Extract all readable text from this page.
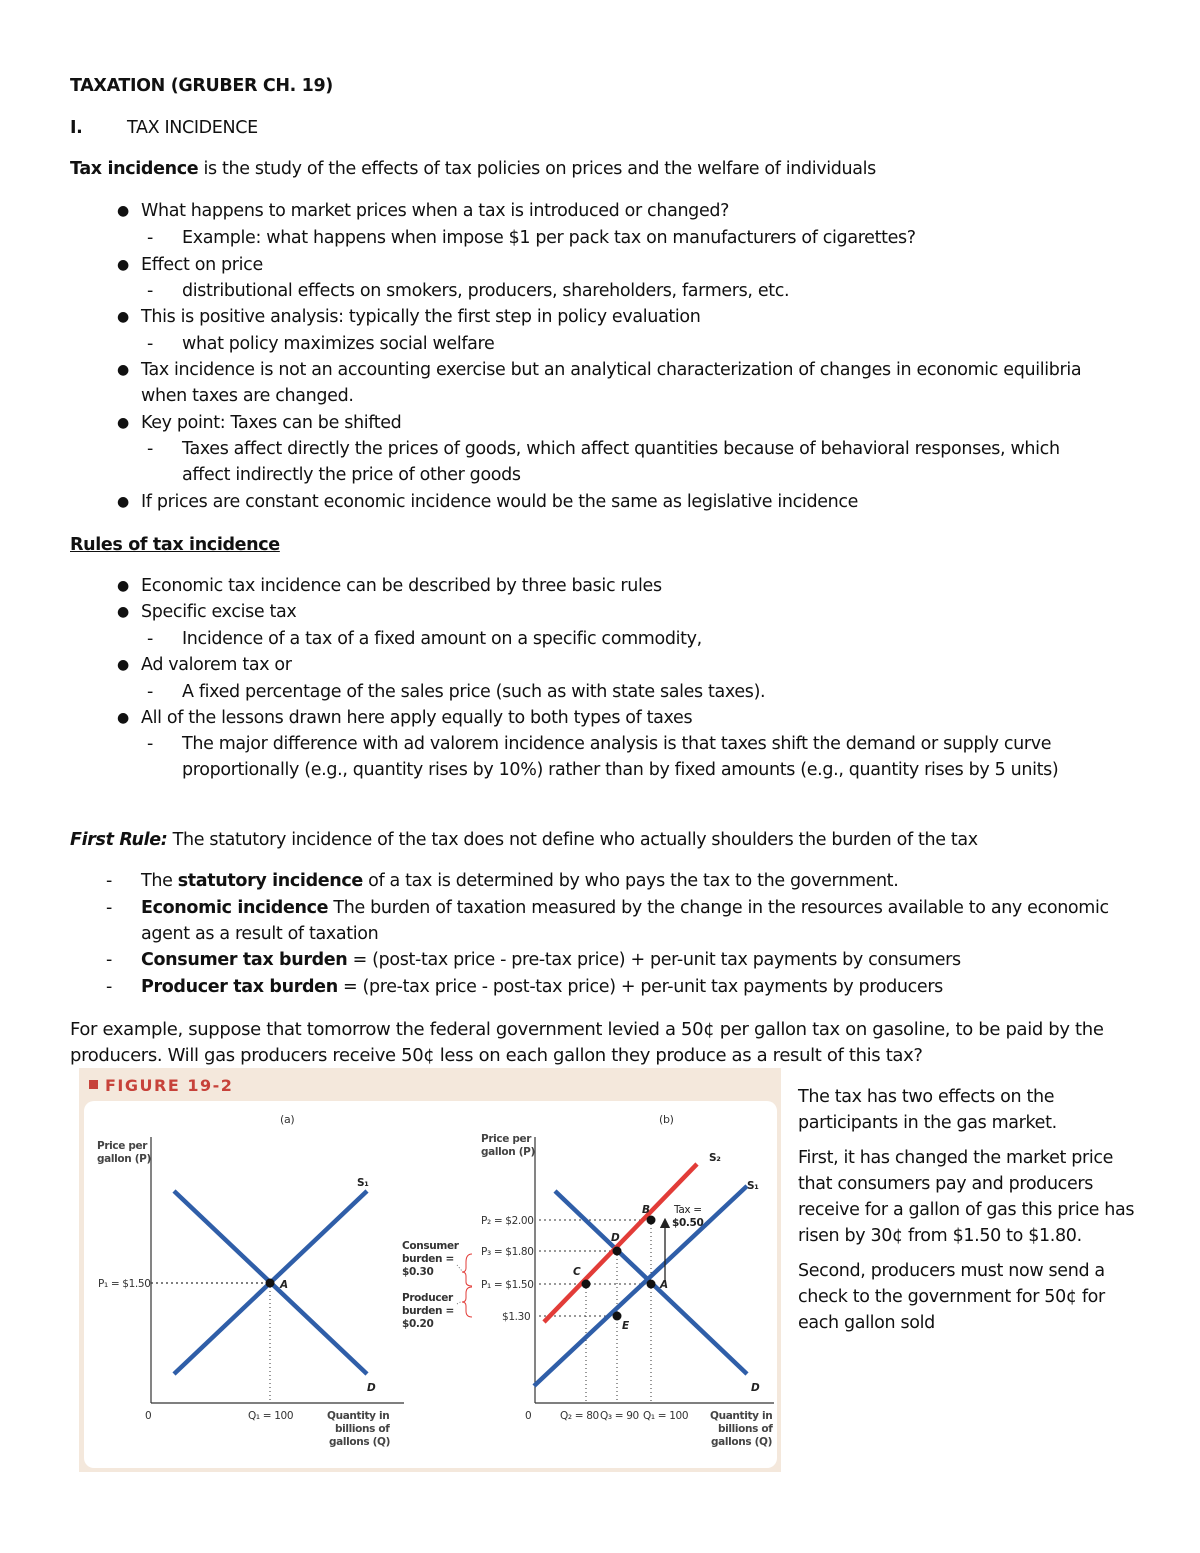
TAXATION (GRUBER CH. 19)
I.	TAX INCIDENCE
Tax incidence is the study of the effects of tax policies on prices and the welfare of individuals
● What happens to market prices when a tax is introduced or changed?
- Example: what happens when impose $1 per pack tax on manufacturers of cigarettes?
● Effect on price
- distributional effects on smokers, producers, shareholders, farmers, etc.
● This is positive analysis: typically the first step in policy evaluation
- what policy maximizes social welfare
● Tax incidence is not an accounting exercise but an analytical characterization of changes in economic equilibria
when taxes are changed.
● Key point: Taxes can be shifted
- Taxes affect directly the prices of goods, which affect quantities because of behavioral responses, which
affect indirectly the price of other goods
● If prices are constant economic incidence would be the same as legislative incidence
Rules of tax incidence
● Economic tax incidence can be described by three basic rules
● Specific excise tax
- Incidence of a tax of a fixed amount on a specific commodity,
● Ad valorem tax or
- A fixed percentage of the sales price (such as with state sales taxes).
● All of the lessons drawn here apply equally to both types of taxes
- The major difference with ad valorem incidence analysis is that taxes shift the demand or supply curve
proportionally (e.g., quantity rises by 10%) rather than by fixed amounts (e.g., quantity rises by 5 units)
First Rule: The statutory incidence of the tax does not define who actually shoulders the burden of the tax
- The statutory incidence of a tax is determined by who pays the tax to the government.
- Economic incidence The burden of taxation measured by the change in the resources available to any economic
agent as a result of taxation
- Consumer tax burden = (post-tax price - pre-tax price) + per-unit tax payments by consumers
- Producer tax burden = (pre-tax price - post-tax price) + per-unit tax payments by producers
For example, suppose that tomorrow the federal government levied a 50¢ per gallon tax on gasoline, to be paid by the
producers. Will gas producers receive 50¢ less on each gallon they produce as a result of this tax?
FIGURE 19-2
(a)
Price per
gallon (P)
A
P₁ = $1.50
S₁
D
0	Q₁ = 100	Quantity in
billions of
gallons (Q)
(b)
Price per
gallon (P)
B
D
C
A
E
Tax =
$0.50
S₂
S₁
D
P₂ = $2.00
P₃ = $1.80
P₁ = $1.50
$1.30
Consumer
burden =
$0.30
Producer
burden =
$0.20
0	Q₂ = 80 Q₃ = 90 Q₁ = 100 Quantity in
billions of
gallons (Q)

The tax has two effects on the participants in the gas market.

First, it has changed the market price that consumers pay and producers receive for a gallon of gas this price has risen by 30¢ from $1.50 to $1.80.

Second, producers must now send a check to the government for 50¢ for each gallon sold
